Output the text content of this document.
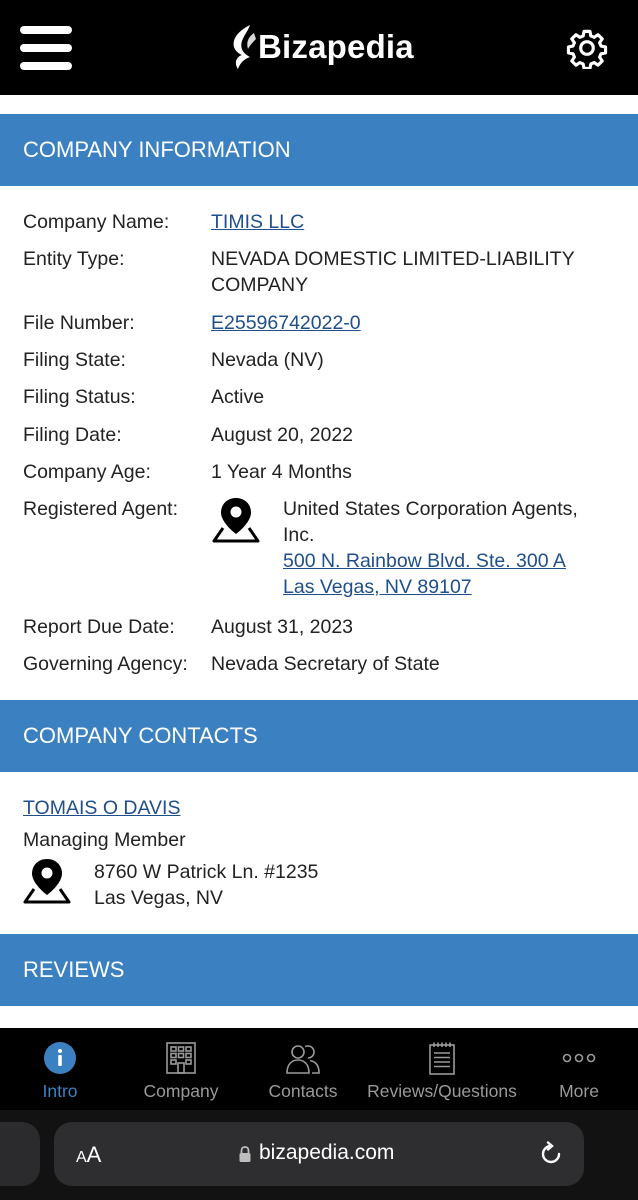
Bizapedia
COMPANY INFORMATION
Company Name: TIMIS LLC
Entity Type:	NEVADA DOMESTIC LIMITED-LIABILITY
COMPANY
File Number:	E25596742022-0
Filing State:	Nevada (NV)
Filing Status:	Active
Filing Date:	August 20, 2022
Company Age:	1 Year 4 Months
Registered Agent:	United States Corporation Agents,
Inc.
500 N. Rainbow Blvd. Ste. 300 A
Las Vegas, NV 89107
Report Due Date: August 31, 2023
Governing Agency: Nevada Secretary of State
COMPANY CONTACTS
TOMAIS O DAVIS
Managing Member
8760 W Patrick Ln. #1235
Las Vegas, NV
REVIEWS
Intro	Company	Contacts	Reviews/Questions	More
AA	bizapedia.com
